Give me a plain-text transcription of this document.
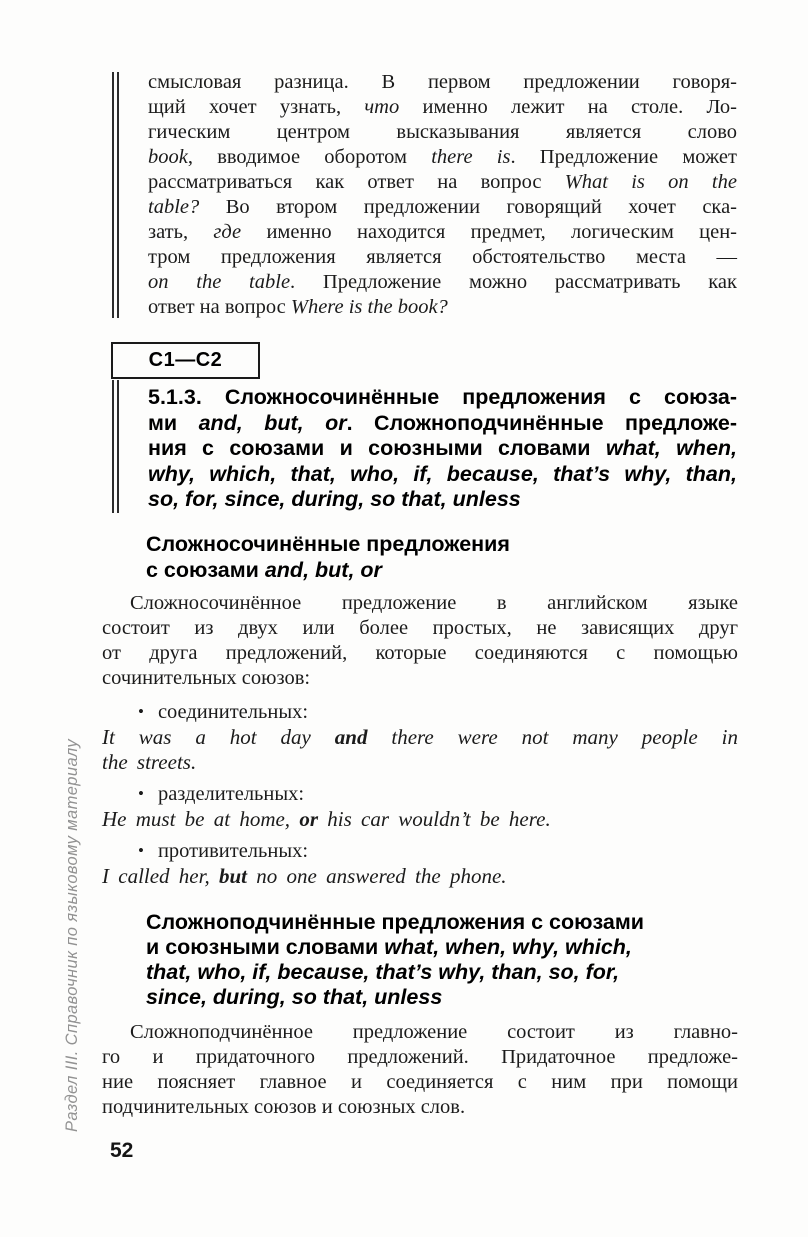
смысловая разница. В первом предложении говоря-
щий хочет узнать, что именно лежит на столе. Ло-
гическим центром высказывания является слово
book, вводимое оборотом there is. Предложение может
рассматриваться как ответ на вопрос What is on the
table? Во втором предложении говорящий хочет ска-
зать, где именно находится предмет, логическим цен-
тром предложения является обстоятельство места —
on the table. Предложение можно рассматривать как
ответ на вопрос Where is the book?
С1—С2
5.1.3. Сложносочинённые предложения с союза-
ми and, but, or. Сложноподчинённые предложе-
ния с союзами и союзными словами what, when,
why, which, that, who, if, because, that’s why, than,
so, for, since, during, so that, unless
Сложносочинённые предложения
с союзами and, but, or
Сложносочинённое предложение в английском языке
состоит из двух или более простых, не зависящих друг
от друга предложений, которые соединяются с помощью
сочинительных союзов:
• соединительных:
It was a hot day and there were not many people in
the streets.
• разделительных:
He must be at home, or his car wouldn’t be here.
• противительных:
I called her, but no one answered the phone.
Сложноподчинённые предложения с союзами
и союзными словами what, when, why, which,
that, who, if, because, that’s why, than, so, for,
since, during, so that, unless
Сложноподчинённое предложение состоит из главно-
го и придаточного предложений. Придаточное предложе-
ние поясняет главное и соединяется с ним при помощи
подчинительных союзов и союзных слов.
Раздел III. Справочник по языковому материалу
52
